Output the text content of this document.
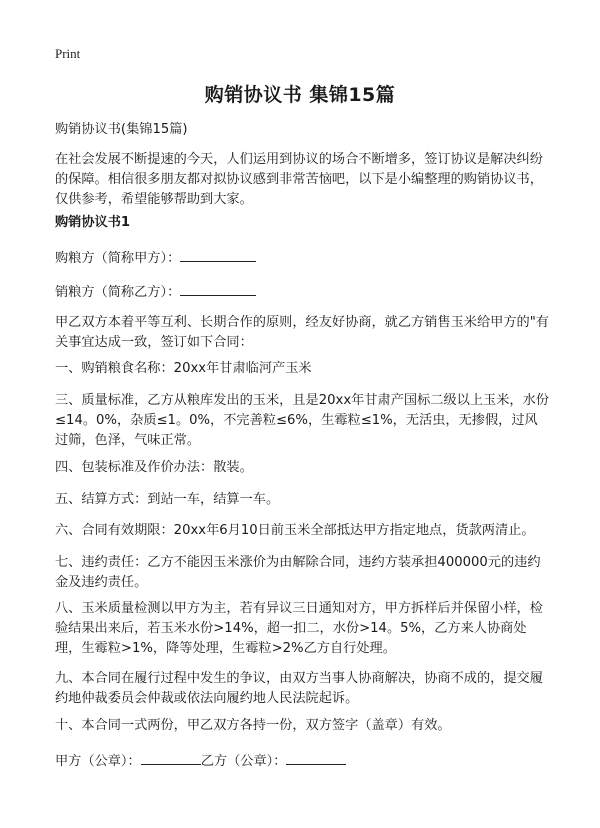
Print
购销协议书 集锦15篇

购销协议书(集锦15篇)

在社会发展不断提速的今天，人们运用到协议的场合不断增多，签订协议是解决纠纷的保障。相信很多朋友都对拟协议感到非常苦恼吧，以下是小编整理的购销协议书，仅供参考，希望能够帮助到大家。

购销协议书1

购粮方（简称甲方）：

销粮方（简称乙方）：

甲乙双方本着平等互利、长期合作的原则，经友好协商，就乙方销售玉米给甲方的"有关事宜达成一致，签订如下合同：

一、购销粮食名称：20xx年甘肃临河产玉米

三、质量标准，乙方从粮库发出的玉米，且是20xx年甘肃产国标二级以上玉米，水份≤14。0%，杂质≤1。0%，不完善粒≤6%，生霉粒≤1%，无活虫，无掺假，过风过筛，色泽，气味正常。

四、包装标准及作价办法：散装。

五、结算方式：到站一车，结算一车。

六、合同有效期限：20xx年6月10日前玉米全部抵达甲方指定地点，货款两清止。

七、违约责任：乙方不能因玉米涨价为由解除合同，违约方装承担400000元的违约金及违约责任。

八、玉米质量检测以甲方为主，若有异议三日通知对方，甲方拆样后并保留小样，检验结果出来后，若玉米水份>14%，超一扣二，水份>14。5%，乙方来人协商处理，生霉粒>1%，降等处理，生霉粒>2%乙方自行处理。

九、本合同在履行过程中发生的争议，由双方当事人协商解决，协商不成的，提交履约地仲裁委员会仲裁或依法向履约地人民法院起诉。

十、本合同一式两份，甲乙双方各持一份，双方签字（盖章）有效。

甲方（公章）：	乙方（公章）：
